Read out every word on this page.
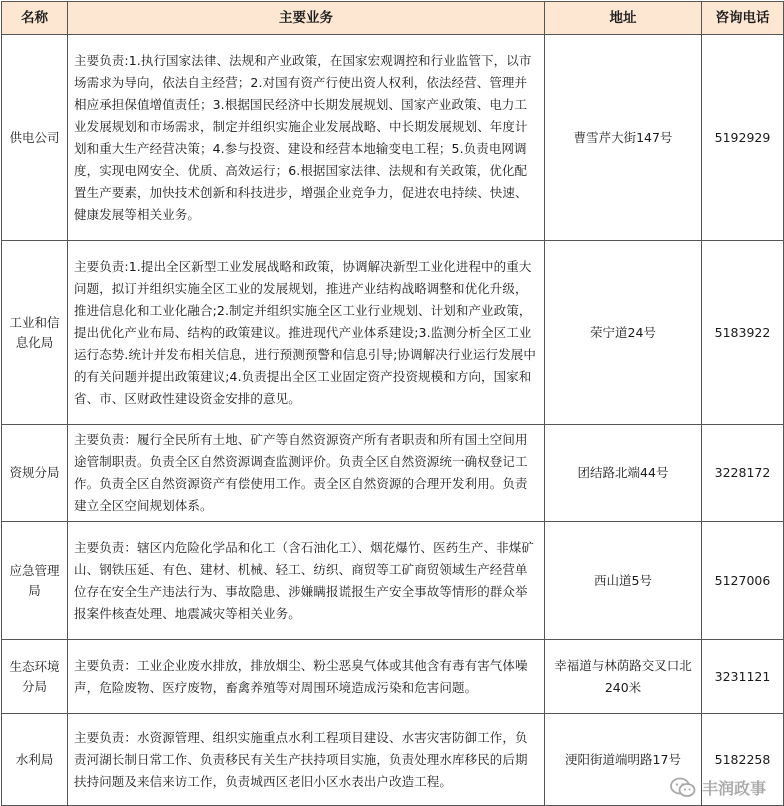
名称	主要业务	地址	咨询电话
供电公司	主要负责:1.执行国家法律、法规和产业政策，在国家宏观调控和行业监管下，以市场需求为导向，依法自主经营；2.对国有资产行使出资人权利，依法经营、管理并相应承担保值增值责任；3.根据国民经济中长期发展规划、国家产业政策、电力工业发展规划和市场需求，制定并组织实施企业发展战略、中长期发展规划、年度计划和重大生产经营决策；4.参与投资、建设和经营本地输变电工程；5.负责电网调度，实现电网安全、优质、高效运行；6.根据国家法律、法规和有关政策，优化配置生产要素，加快技术创新和科技进步，增强企业竞争力，促进农电持续、快速、健康发展等相关业务。	曹雪芹大街147号	5192929
工业和信息化局	主要负责:1.提出全区新型工业发展战略和政策，协调解决新型工业化进程中的重大问题，拟订并组织实施全区工业的发展规划，推进产业结构战略调整和优化升级，推进信息化和工业化融合;2.制定并组织实施全区工业行业规划、计划和产业政策，提出优化产业布局、结构的政策建议。推进现代产业体系建设;3.监测分析全区工业运行态势.统计并发布相关信息，进行预测预警和信息引导;协调解决行业运行发展中的有关问题并提出政策建议;4.负责提出全区工业固定资产投资规模和方向，国家和省、市、区财政性建设资金安排的意见。	荣宁道24号	5183922
资规分局	主要负责：履行全民所有土地、矿产等自然资源资产所有者职责和所有国土空间用途管制职责。负责全区自然资源调查监测评价。负责全区自然资源统一确权登记工作。负责全区自然资源资产有偿使用工作。责全区自然资源的合理开发利用。负责建立全区空间规划体系。	团结路北端44号	3228172
应急管理局	主要负责：辖区内危险化学品和化工（含石油化工）、烟花爆竹、医药生产、非煤矿山、钢铁压延、有色、建材、机械、轻工、纺织、商贸等工矿商贸领域生产经营单位存在安全生产违法行为、事故隐患、涉嫌瞒报谎报生产安全事故等情形的群众举报案件核查处理、地震减灾等相关业务。	西山道5号	5127006
生态环境分局	主要负责：工业企业废水排放，排放烟尘、粉尘恶臭气体或其他含有毒有害气体噪声，危险废物、医疗废物，畜禽养殖等对周围环境造成污染和危害问题。	幸福道与林荫路交叉口北240米	3231121
水利局	主要负责：水资源管理、组织实施重点水利工程项目建设、水害灾害防御工作，负责河湖长制日常工作、负责移民有关生产扶持项目实施，负责处理水库移民的后期扶持问题及来信来访工作，负责城西区老旧小区水表出户改造工程。	浭阳街道端明路17号	5182258
丰润政事
